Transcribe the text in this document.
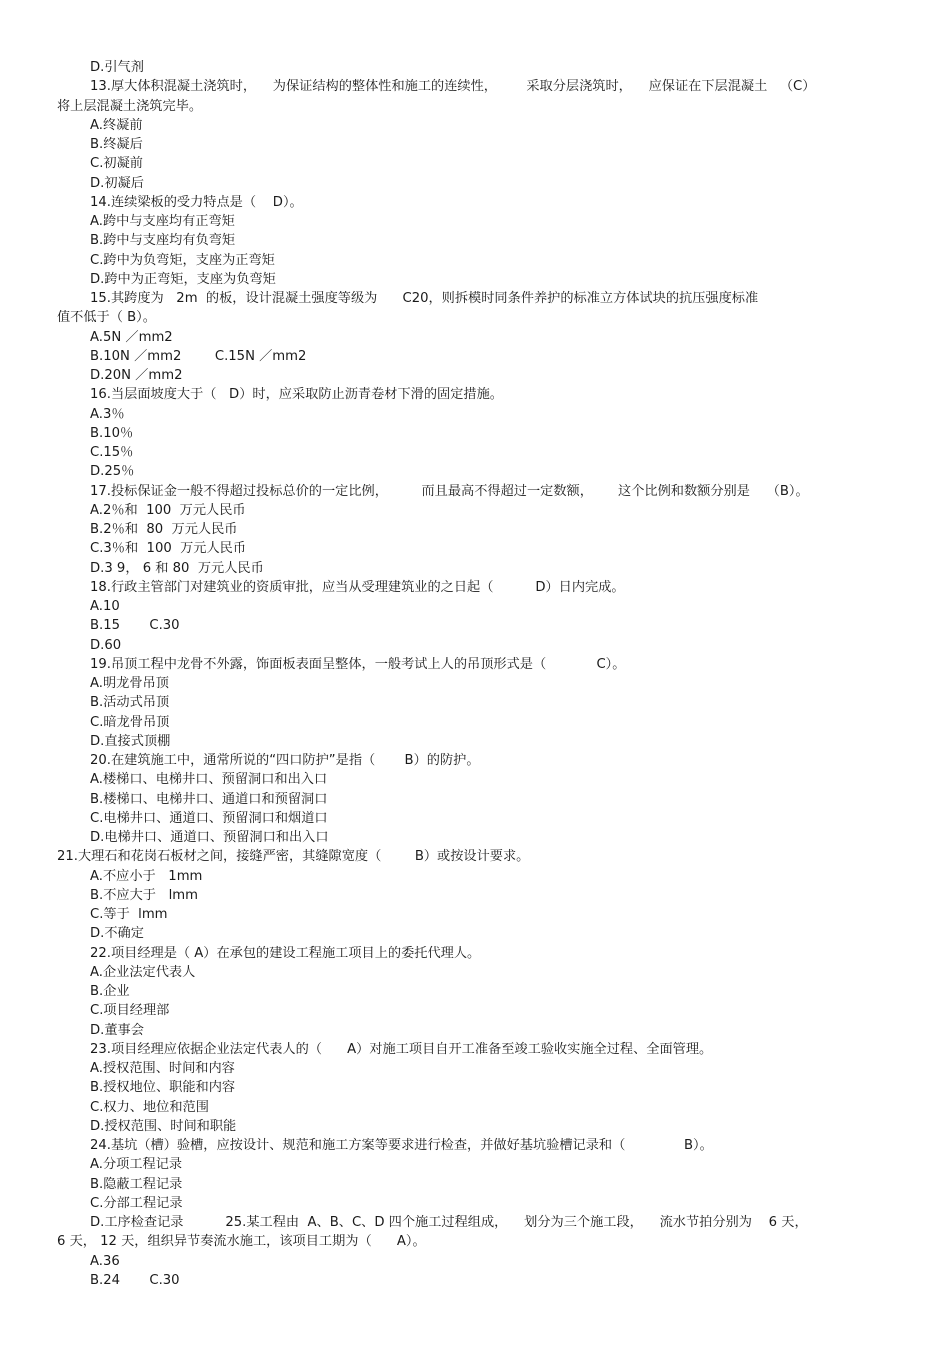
D.引气剂
13.厚大体积混凝土浇筑时，    为保证结构的整体性和施工的连续性，       采取分层浇筑时，    应保证在下层混凝土   （C）
将上层混凝土浇筑完毕。
A.终凝前
B.终凝后
C.初凝前
D.初凝后
14.连续梁板的受力特点是（    D）。
A.跨中与支座均有正弯矩
B.跨中与支座均有负弯矩
C.跨中为负弯矩，支座为正弯矩
D.跨中为正弯矩，支座为负弯矩
15.其跨度为   2m  的板，设计混凝土强度等级为      C20，则拆模时同条件养护的标准立方体试块的抗压强度标准
值不低于（ B）。
A.5N ／mm2
B.10N ／mm2        C.15N ／mm2
D.20N ／mm2
16.当层面坡度大于（   D）时，应采取防止沥青卷材下滑的固定措施。
A.3％
B.10％
C.15％
D.25％
17.投标保证金一般不得超过投标总价的一定比例，        而且最高不得超过一定数额，      这个比例和数额分别是    （B）。
A.2％和  100  万元人民币
B.2％和  80  万元人民币
C.3％和  100  万元人民币
D.3 9， 6 和 80  万元人民币
18.行政主管部门对建筑业的资质审批，应当从受理建筑业的之日起（          D）日内完成。
A.10
B.15       C.30
D.60
19.吊顶工程中龙骨不外露，饰面板表面呈整体，一般考试上人的吊顶形式是（            C）。
A.明龙骨吊顶
B.活动式吊顶
C.暗龙骨吊顶
D.直接式顶棚
20.在建筑施工中，通常所说的“四口防护”是指（       B）的防护。
A.楼梯口、电梯井口、预留洞口和出入口
B.楼梯口、电梯井口、通道口和预留洞口
C.电梯井口、通道口、预留洞口和烟道口
D.电梯井口、通道口、预留洞口和出入口
21.大理石和花岗石板材之间，接缝严密，其缝隙宽度（        B）或按设计要求。
A.不应小于   1mm
B.不应大于   lmm
C.等于  lmm
D.不确定
22.项目经理是（ A）在承包的建设工程施工项目上的委托代理人。
A.企业法定代表人
B.企业
C.项目经理部
D.董事会
23.项目经理应依据企业法定代表人的（      A）对施工项目自开工准备至竣工验收实施全过程、全面管理。
A.授权范围、时间和内容
B.授权地位、职能和内容
C.权力、地位和范围
D.授权范围、时间和职能
24.基坑（槽）验槽，应按设计、规范和施工方案等要求进行检查，并做好基坑验槽记录和（              B）。
A.分项工程记录
B.隐蔽工程记录
C.分部工程记录
D.工序检查记录          25.某工程由  A、B、C、D 四个施工过程组成，    划分为三个施工段，    流水节拍分别为    6 天，
6 天， 12 天，组织异节奏流水施工，该项目工期为（      A）。
A.36
B.24       C.30
